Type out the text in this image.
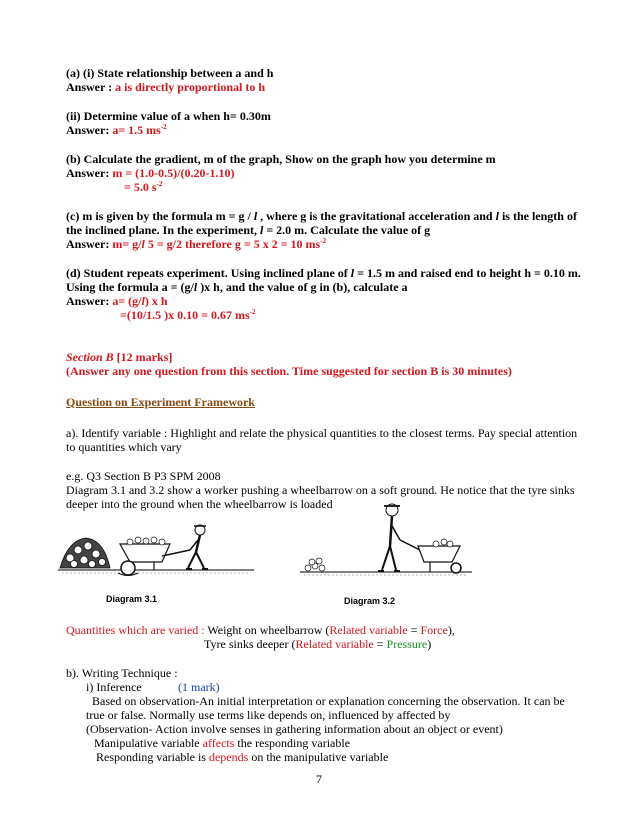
(a) (i) State relationship between a and h
Answer : a is directly proportional to h
(ii) Determine value of a when h= 0.30m
Answer: a= 1.5 $ms^{-2}$
(b) Calculate the gradient, m of the graph, Show on the graph how you determine m
Answer: m = (1.0-0.5)/(0.20-1.10)
= 5.0 $s^{-2}$
(c) m is given by the formula m = g / l , where g is the gravitational acceleration and l is the length of
the inclined plane. In the experiment, l = 2.0 m. Calculate the value of g
Answer: m= g/l 5 = g/2 therefore g = 5 x 2 = 10 $ms^{-2}$
(d) Student repeats experiment. Using inclined plane of l = 1.5 m and raised end to height h = 0.10 m.
Using the formula a = (g/l )x h, and the value of g in (b), calculate a
Answer: a= (g/l) x h
=(10/1.5 )x 0.10 = 0.67 $ms^{-2}$
Section B [12 marks]
(Answer any one question from this section. Time suggested for section B is 30 minutes)
Question on Experiment Framework
a). Identify variable : Highlight and relate the physical quantities to the closest terms. Pay special attention
to quantities which vary
e.g. Q3 Section B P3 SPM 2008
Diagram 3.1 and 3.2 show a worker pushing a wheelbarrow on a soft ground. He notice that the tyre sinks
deeper into the ground when the wheelbarrow is loaded
Diagram 3.1	Diagram 3.2
Quantities which are varied : Weight on wheelbarrow (Related variable = Force),
Tyre sinks deeper (Related variable = Pressure)
b). Writing Technique :
i) Inference	(1 mark)
Based on observation-An initial interpretation or explanation concerning the observation. It can be
true or false. Normally use terms like depends on, influenced by affected by
(Observation- Action involve senses in gathering information about an object or event)
Manipulative variable affects the responding variable
Responding variable is depends on the manipulative variable
7
